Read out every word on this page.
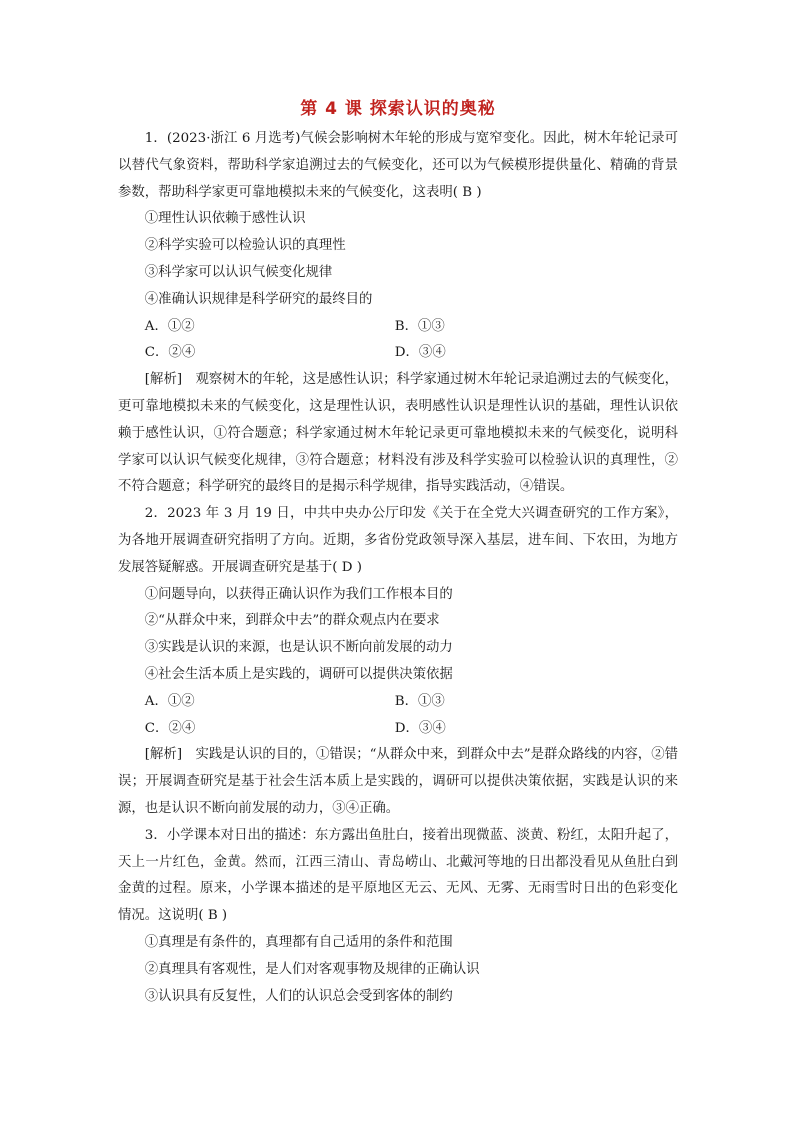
第 4 课 探索认识的奥秘

1．(2023·浙江 6 月选考)气候会影响树木年轮的形成与宽窄变化。因此，树木年轮记录可以替代气象资料，帮助科学家追溯过去的气候变化，还可以为气候模形提供量化、精确的背景参数，帮助科学家更可靠地模拟未来的气候变化，这表明( B )

①理性认识依赖于感性认识

②科学实验可以检验认识的真理性

③科学家可以认识气候变化规律

④准确认识规律是科学研究的最终目的

A．①②	B．①③
C．②④	D．③④

[解析] 观察树木的年轮，这是感性认识；科学家通过树木年轮记录追溯过去的气候变化，更可靠地模拟未来的气候变化，这是理性认识，表明感性认识是理性认识的基础，理性认识依赖于感性认识，①符合题意；科学家通过树木年轮记录更可靠地模拟未来的气候变化，说明科学家可以认识气候变化规律，③符合题意；材料没有涉及科学实验可以检验认识的真理性，②不符合题意；科学研究的最终目的是揭示科学规律，指导实践活动，④错误。

2．2023 年 3 月 19 日，中共中央办公厅印发《关于在全党大兴调查研究的工作方案》，为各地开展调查研究指明了方向。近期，多省份党政领导深入基层，进车间、下农田，为地方发展答疑解惑。开展调查研究是基于( D )

①问题导向，以获得正确认识作为我们工作根本目的

②“从群众中来，到群众中去”的群众观点内在要求

③实践是认识的来源，也是认识不断向前发展的动力

④社会生活本质上是实践的，调研可以提供决策依据

A．①②	B．①③
C．②④	D．③④

[解析] 实践是认识的目的，①错误；“从群众中来，到群众中去”是群众路线的内容，②错误；开展调查研究是基于社会生活本质上是实践的，调研可以提供决策依据，实践是认识的来源，也是认识不断向前发展的动力，③④正确。

3．小学课本对日出的描述：东方露出鱼肚白，接着出现微蓝、淡黄、粉红，太阳升起了，天上一片红色，金黄。然而，江西三清山、青岛崂山、北戴河等地的日出都没看见从鱼肚白到金黄的过程。原来，小学课本描述的是平原地区无云、无风、无雾、无雨雪时日出的色彩变化情况。这说明( B )

①真理是有条件的，真理都有自己适用的条件和范围

②真理具有客观性，是人们对客观事物及规律的正确认识

③认识具有反复性，人们的认识总会受到客体的制约
